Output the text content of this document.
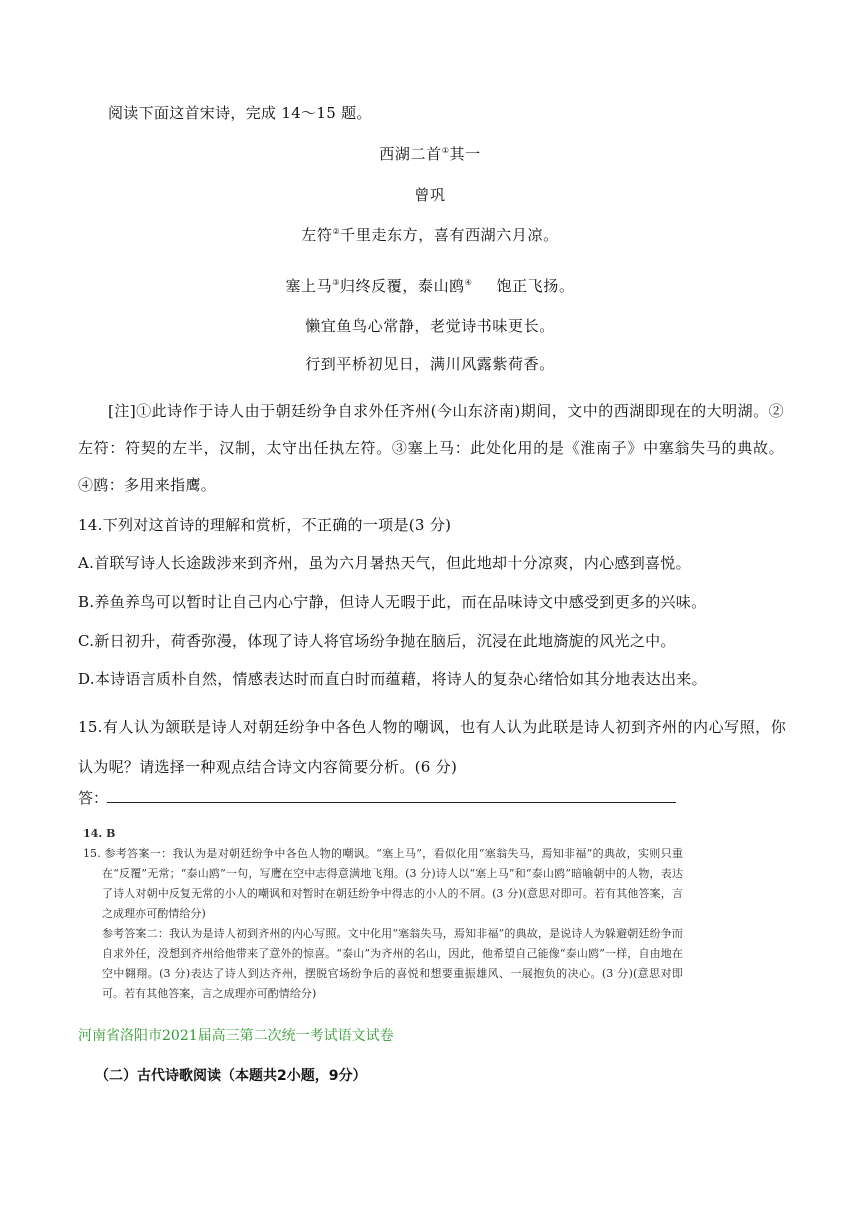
阅读下面这首宋诗，完成 14～15 题。
西湖二首①其一
曾巩
左符②千里走东方，喜有西湖六月凉。
塞上马③归终反覆，泰山鸥④ 饱正飞扬。
懒宜鱼鸟心常静，老觉诗书味更长。
行到平桥初见日，满川风露紫荷香。
[注]①此诗作于诗人由于朝廷纷争自求外任齐州(今山东济南)期间，文中的西湖即现在的大明湖。②左符：符契的左半，汉制，太守出任执左符。③塞上马：此处化用的是《淮南子》中塞翁失马的典故。④鸥：多用来指鹰。
14.下列对这首诗的理解和赏析，不正确的一项是(3 分)
A.首联写诗人长途跋涉来到齐州，虽为六月暑热天气，但此地却十分凉爽，内心感到喜悦。
B.养鱼养鸟可以暂时让自己内心宁静，但诗人无暇于此，而在品味诗文中感受到更多的兴味。
C.新日初升，荷香弥漫，体现了诗人将官场纷争抛在脑后，沉浸在此地旖旎的风光之中。
D.本诗语言质朴自然，情感表达时而直白时而蕴藉，将诗人的复杂心绪恰如其分地表达出来。
15.有人认为颔联是诗人对朝廷纷争中各色人物的嘲讽，也有人认为此联是诗人初到齐州的内心写照，你认为呢？请选择一种观点结合诗文内容简要分析。(6 分)
答：
14. B
15. 参考答案一：我认为是对朝廷纷争中各色人物的嘲讽。“塞上马”，看似化用“塞翁失马，焉知非福”的典故，实则只重在“反覆”无常；“泰山鸥”一句，写鹰在空中志得意满地飞翔。(3 分)诗人以“塞上马”和“泰山鸥”暗喻朝中的人物，表达了诗人对朝中反复无常的小人的嘲讽和对暂时在朝廷纷争中得志的小人的不屑。(3 分)(意思对即可。若有其他答案，言之成理亦可酌情给分)
参考答案二：我认为是诗人初到齐州的内心写照。文中化用“塞翁失马，焉知非福”的典故，是说诗人为躲避朝廷纷争而自求外任，没想到齐州给他带来了意外的惊喜。“泰山”为齐州的名山，因此，他希望自己能像“泰山鸥”一样，自由地在空中翱翔。(3 分)表达了诗人到达齐州，摆脱官场纷争后的喜悦和想要重振雄风、一展抱负的决心。(3 分)(意思对即可。若有其他答案，言之成理亦可酌情给分)
河南省洛阳市2021届高三第二次统一考试语文试卷
（二）古代诗歌阅读（本题共2小题，9分）
